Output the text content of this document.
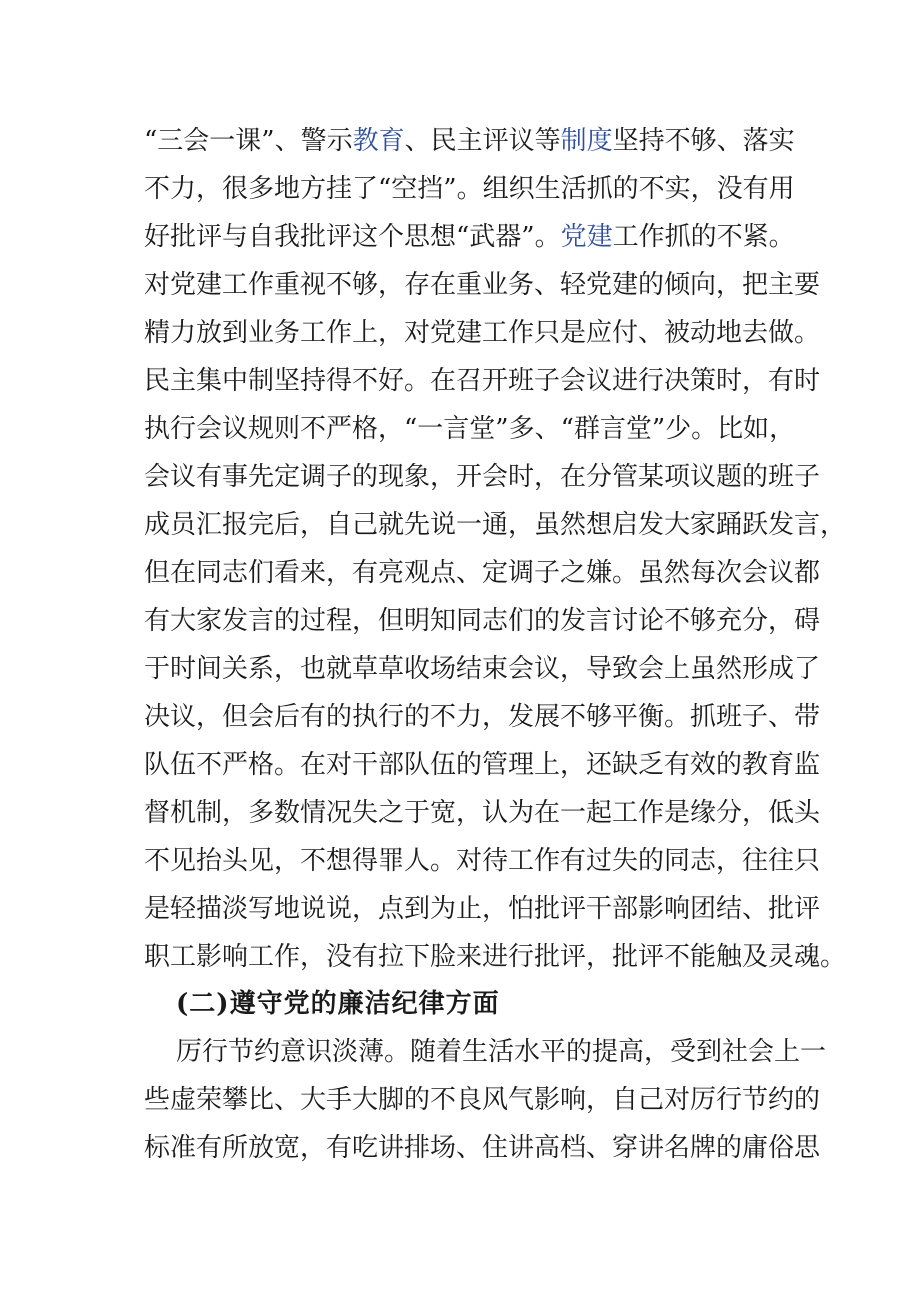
“三会一课”、警示教育、民主评议等制度坚持不够、落实
不力，很多地方挂了“空挡”。组织生活抓的不实，没有用
好批评与自我批评这个思想“武器”。党建工作抓的不紧。
对党建工作重视不够，存在重业务、轻党建的倾向，把主要
精力放到业务工作上，对党建工作只是应付、被动地去做。
民主集中制坚持得不好。在召开班子会议进行决策时，有时
执行会议规则不严格，“一言堂”多、“群言堂”少。比如，
会议有事先定调子的现象，开会时，在分管某项议题的班子
成员汇报完后，自己就先说一通，虽然想启发大家踊跃发言，
但在同志们看来，有亮观点、定调子之嫌。虽然每次会议都
有大家发言的过程，但明知同志们的发言讨论不够充分，碍
于时间关系，也就草草收场结束会议，导致会上虽然形成了
决议，但会后有的执行的不力，发展不够平衡。抓班子、带
队伍不严格。在对干部队伍的管理上，还缺乏有效的教育监
督机制，多数情况失之于宽，认为在一起工作是缘分，低头
不见抬头见，不想得罪人。对待工作有过失的同志，往往只
是轻描淡写地说说，点到为止，怕批评干部影响团结、批评
职工影响工作，没有拉下脸来进行批评，批评不能触及灵魂。
(二)遵守党的廉洁纪律方面
厉行节约意识淡薄。随着生活水平的提高，受到社会上一
些虚荣攀比、大手大脚的不良风气影响，自己对厉行节约的
标准有所放宽，有吃讲排场、住讲高档、穿讲名牌的庸俗思
